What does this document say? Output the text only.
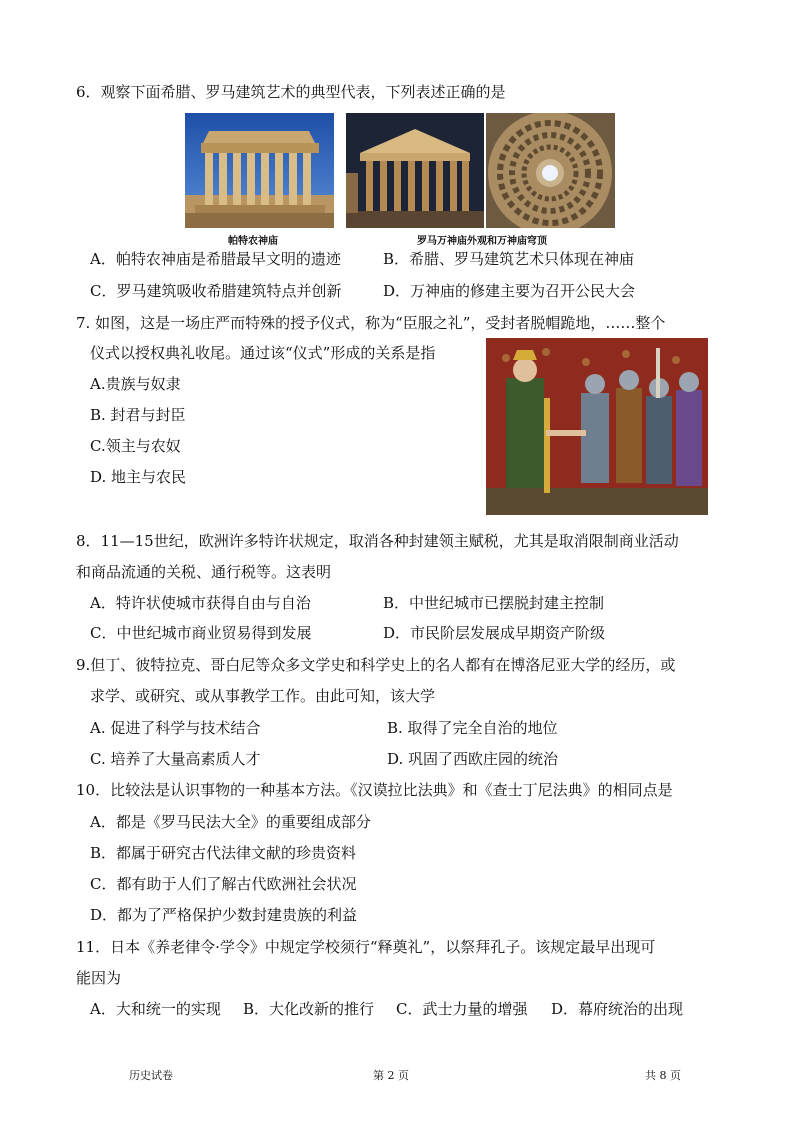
6．观察下面希腊、罗马建筑艺术的典型代表，下列表述正确的是
帕特农神庙	罗马万神庙外观和万神庙穹顶
A．帕特农神庙是希腊最早文明的遗迹	B．希腊、罗马建筑艺术只体现在神庙
C．罗马建筑吸收希腊建筑特点并创新	D．万神庙的修建主要为召开公民大会
7. 如图，这是一场庄严而特殊的授予仪式，称为“臣服之礼”，受封者脱帽跪地，……整个
仪式以授权典礼收尾。通过该“仪式”形成的关系是指
A.贵族与奴隶
B. 封君与封臣
C.领主与农奴
D. 地主与农民
8．11—15世纪，欧洲许多特许状规定，取消各种封建领主赋税，尤其是取消限制商业活动
和商品流通的关税、通行税等。这表明
A．特许状使城市获得自由与自治	B．中世纪城市已摆脱封建主控制
C．中世纪城市商业贸易得到发展	D．市民阶层发展成早期资产阶级
9.但丁、彼特拉克、哥白尼等众多文学史和科学史上的名人都有在博洛尼亚大学的经历，或
求学、或研究、或从事教学工作。由此可知，该大学
A. 促进了科学与技术结合	B. 取得了完全自治的地位
C. 培养了大量高素质人才	D. 巩固了西欧庄园的统治
10．比较法是认识事物的一种基本方法。《汉谟拉比法典》和《查士丁尼法典》的相同点是
A．都是《罗马民法大全》的重要组成部分
B．都属于研究古代法律文献的珍贵资料
C．都有助于人们了解古代欧洲社会状况
D．都为了严格保护少数封建贵族的利益
11．日本《养老律令·学令》中规定学校须行“释奠礼”，以祭拜孔子。该规定最早出现可
能因为
A．大和统一的实现 B．大化改新的推行 C．武士力量的增强 D．幕府统治的出现
历史试卷	第 2 页	共 8 页
